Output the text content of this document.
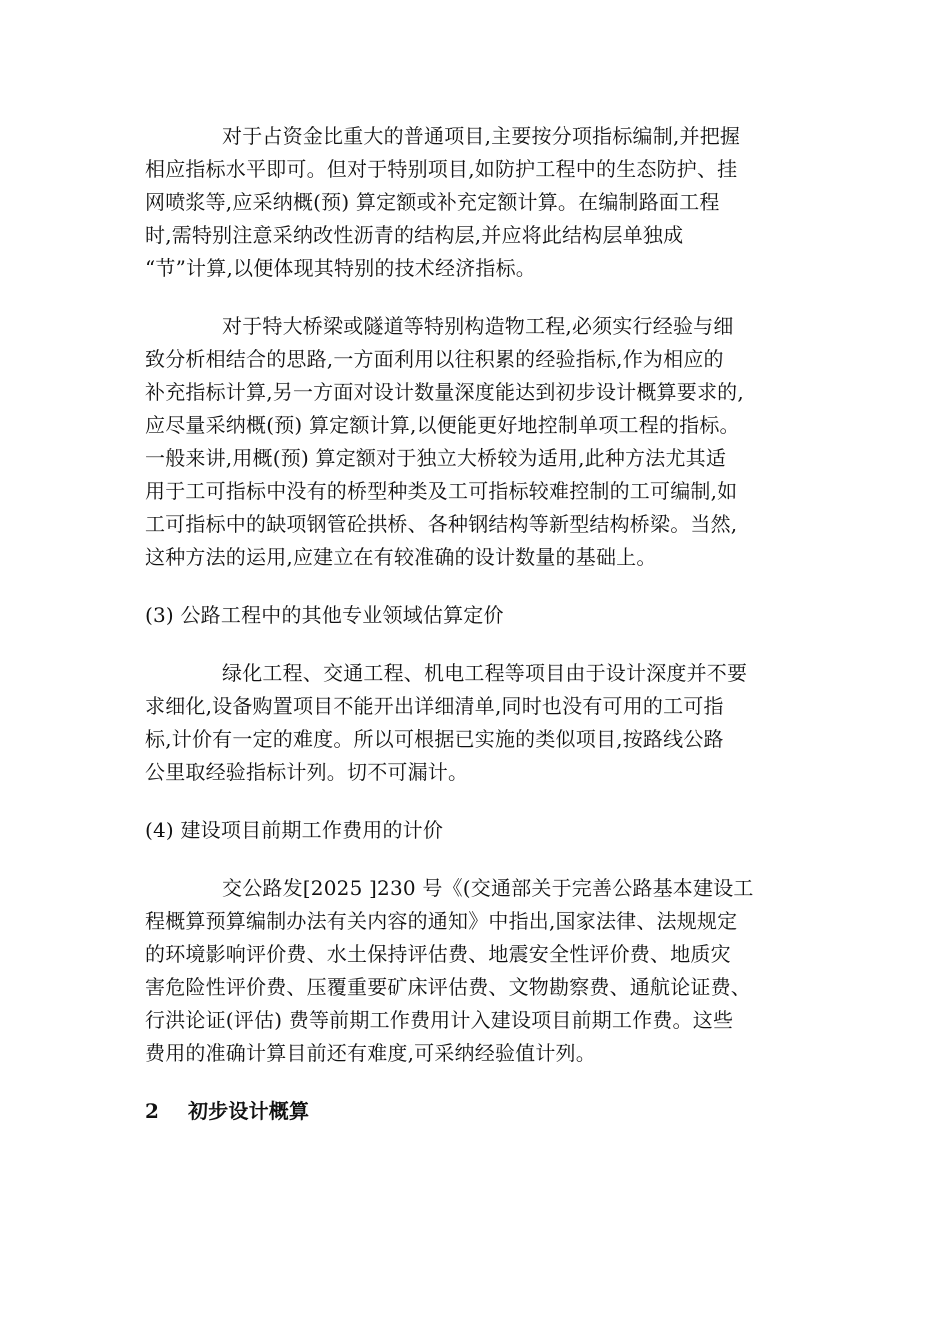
对于占资金比重大的普通项目,主要按分项指标编制,并把握
相应指标水平即可。但对于特别项目,如防护工程中的生态防护、挂
网喷浆等,应采纳概(预) 算定额或补充定额计算。在编制路面工程
时,需特别注意采纳改性沥青的结构层,并应将此结构层单独成
“节”计算,以便体现其特别的技术经济指标。
对于特大桥梁或隧道等特别构造物工程,必须实行经验与细
致分析相结合的思路,一方面利用以往积累的经验指标,作为相应的
补充指标计算,另一方面对设计数量深度能达到初步设计概算要求的,
应尽量采纳概(预) 算定额计算,以便能更好地控制单项工程的指标。
一般来讲,用概(预) 算定额对于独立大桥较为适用,此种方法尤其适
用于工可指标中没有的桥型种类及工可指标较难控制的工可编制,如
工可指标中的缺项钢管砼拱桥、各种钢结构等新型结构桥梁。当然,
这种方法的运用,应建立在有较准确的设计数量的基础上。
(3) 公路工程中的其他专业领域估算定价
绿化工程、交通工程、机电工程等项目由于设计深度并不要
求细化,设备购置项目不能开出详细清单,同时也没有可用的工可指
标,计价有一定的难度。所以可根据已实施的类似项目,按路线公路
公里取经验指标计列。切不可漏计。
(4) 建设项目前期工作费用的计价
交公路发[2025 ]230 号《(交通部关于完善公路基本建设工
程概算预算编制办法有关内容的通知》中指出,国家法律、法规规定
的环境影响评价费、水土保持评估费、地震安全性评价费、地质灾
害危险性评价费、压覆重要矿床评估费、文物勘察费、通航论证费、
行洪论证(评估) 费等前期工作费用计入建设项目前期工作费。这些
费用的准确计算目前还有难度,可采纳经验值计列。
2 初步设计概算
